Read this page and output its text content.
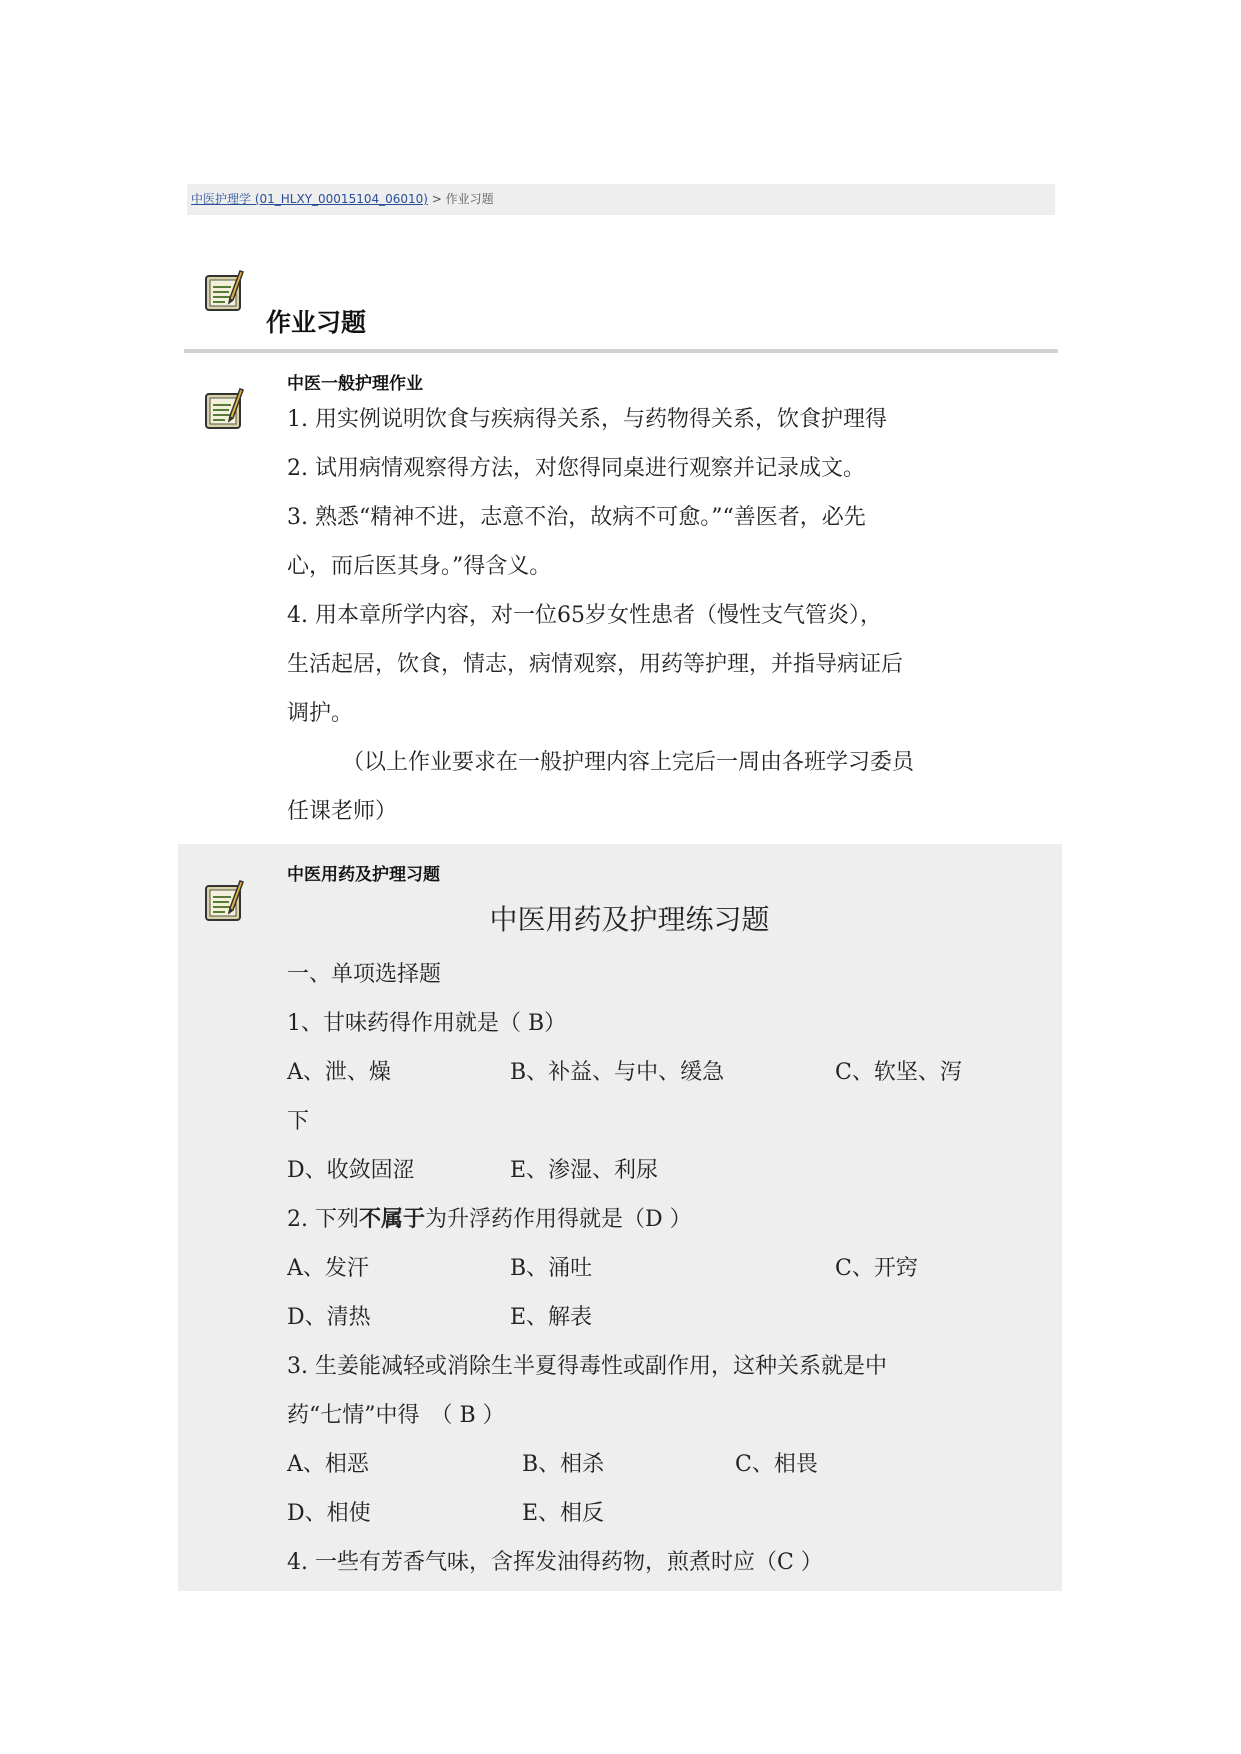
中医护理学 (01_HLXY_00015104_06010) > 作业习题
作业习题
中医一般护理作业
1. 用实例说明饮食与疾病得关系，与药物得关系，饮食护理得
2. 试用病情观察得方法，对您得同桌进行观察并记录成文。
3. 熟悉“精神不进，志意不治，故病不可愈。”“善医者，必先
心，而后医其身。”得含义。
4. 用本章所学内容，对一位65岁女性患者（慢性支气管炎），
生活起居，饮食，情志，病情观察，用药等护理，并指导病证后
调护。
（以上作业要求在一般护理内容上完后一周由各班学习委员
任课老师）
中医用药及护理习题
中医用药及护理练习题
一、单项选择题
1、甘味药得作用就是（ B）
A、泄、燥	B、补益、与中、缓急	C、软坚、泻
下
D、收敛固涩	E、渗湿、利尿
2. 下列不属于为升浮药作用得就是（D ）
A、发汗	B、涌吐	C、开窍
D、清热	E、解表
3. 生姜能减轻或消除生半夏得毒性或副作用，这种关系就是中
药“七情”中得　（ B ）
A、相恶	B、相杀	C、相畏
D、相使	E、相反
4. 一些有芳香气味，含挥发油得药物，煎煮时应（C ）
